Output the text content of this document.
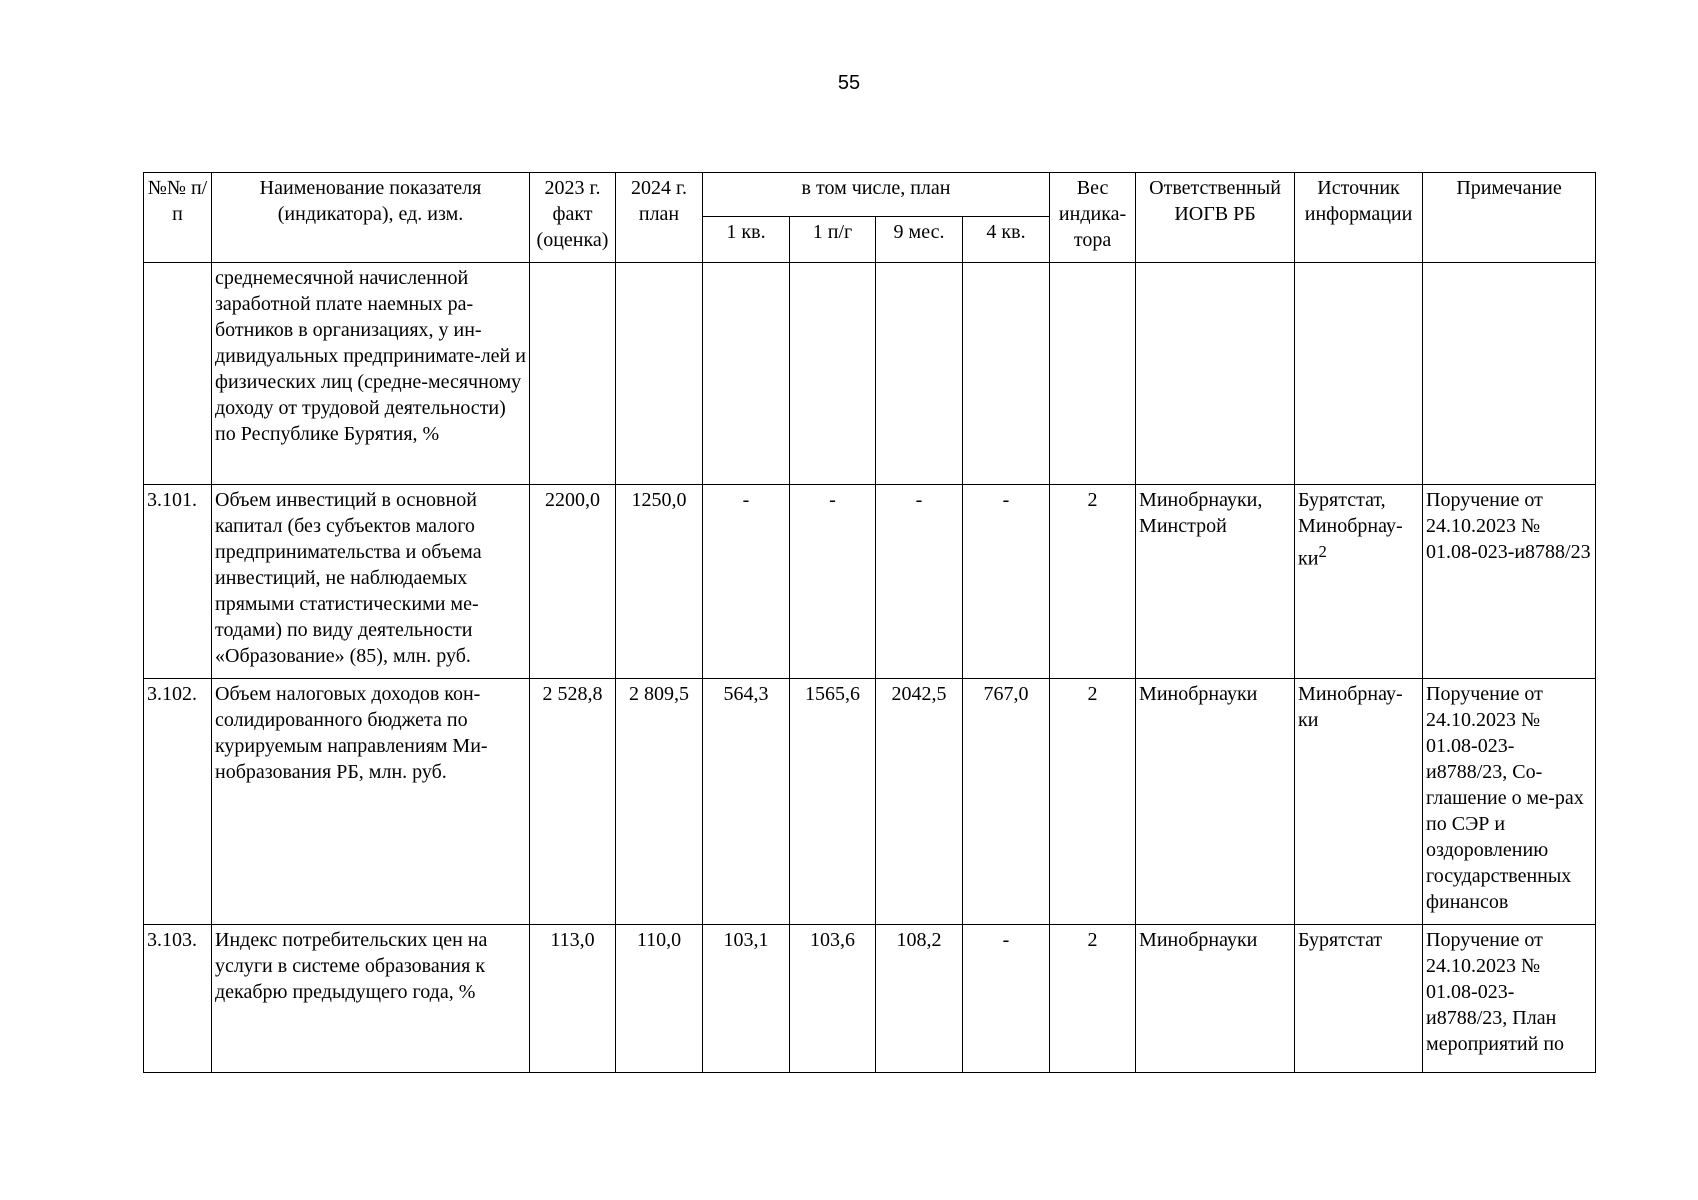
55
№№ п/п	Наименование показателя (индикатора), ед. изм.	2023 г. факт (оценка)	2024 г. план	в том числе, план				Вес индика-тора	Ответственный ИОГВ РБ	Источник информации	Примечание
				1 кв.	1 п/г	9 мес.	4 кв.				
	среднемесячной начисленной заработной плате наемных ра-ботников в организациях, у ин-дивидуальных предпринимате-лей и физических лиц (средне-месячному доходу от трудовой деятельности) по Республике Бурятия, %										
3.101.	Объем инвестиций в основной капитал (без субъектов малого предпринимательства и объема инвестиций, не наблюдаемых прямыми статистическими ме-тодами) по виду деятельности «Образование» (85), млн. руб.	2200,0	1250,0	-	-	-	-	2	Минобрнауки, Минстрой	Бурятстат, Минобрнау-$ки^2$	Поручение от 24.10.2023 № 01.08-023-и8788/23
3.102.	Объем налоговых доходов кон-солидированного бюджета по курируемым направлениям Ми-нобразования РБ, млн. руб.	2 528,8	2 809,5	564,3	1565,6	2042,5	767,0	2	Минобрнауки	Минобрнау-ки	Поручение от 24.10.2023 № 01.08-023-и8788/23, Со-глашение о ме-рах по СЭР и оздоровлению государственных финансов
3.103.	Индекс потребительских цен на услуги в системе образования к декабрю предыдущего года, %	113,0	110,0	103,1	103,6	108,2	-	2	Минобрнауки	Бурятстат	Поручение от 24.10.2023 № 01.08-023-и8788/23, План мероприятий по
